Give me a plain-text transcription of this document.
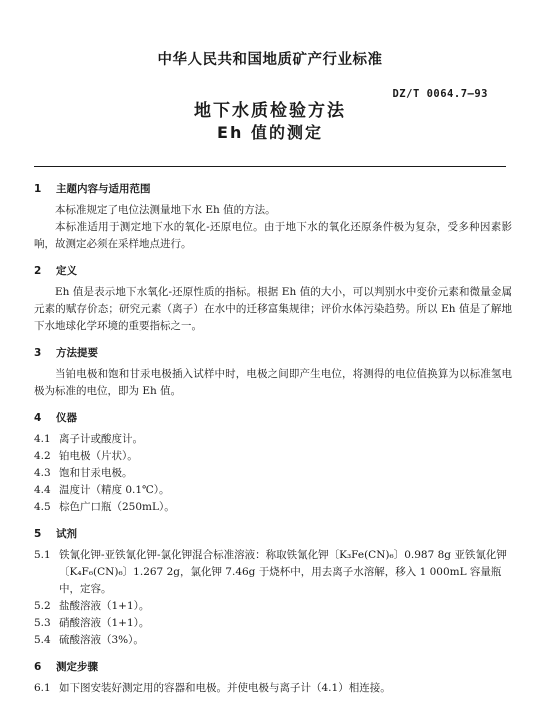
中华人民共和国地质矿产行业标准
DZ/T 0064.7—93
地下水质检验方法
Eh 值的测定
1 主题内容与适用范围

本标准规定了电位法测量地下水 Eh 值的方法。

本标准适用于测定地下水的氧化-还原电位。由于地下水的氧化还原条件极为复杂，受多种因素影响，故测定必须在采样地点进行。

2 定义

Eh 值是表示地下水氧化-还原性质的指标。根据 Eh 值的大小，可以判别水中变价元素和微量金属元素的赋存价态；研究元素（离子）在水中的迁移富集规律；评价水体污染趋势。所以 Eh 值是了解地下水地球化学环境的重要指标之一。

3 方法提要

当铂电极和饱和甘汞电极插入试样中时，电极之间即产生电位，将测得的电位值换算为以标准氢电极为标准的电位，即为 Eh 值。

4 仪器

4.1 离子计或酸度计。

4.2 铂电极（片状）。

4.3 饱和甘汞电极。

4.4 温度计（精度 0.1℃）。

4.5 棕色广口瓶（250mL）。

5 试剂

5.1 铁氰化钾-亚铁氰化钾-氯化钾混合标准溶液：称取铁氰化钾〔K₃Fe(CN)₆〕0.987 8g 亚铁氰化钾〔K₄F₆(CN)₆〕1.267 2g，氯化钾 7.46g 于烧杯中，用去离子水溶解，移入 1 000mL 容量瓶中，定容。

5.2 盐酸溶液（1+1）。

5.3 硝酸溶液（1+1）。

5.4 硫酸溶液（3%）。

6 测定步骤

6.1 如下图安装好测定用的容器和电极。并使电极与离子计（4.1）相连接。
